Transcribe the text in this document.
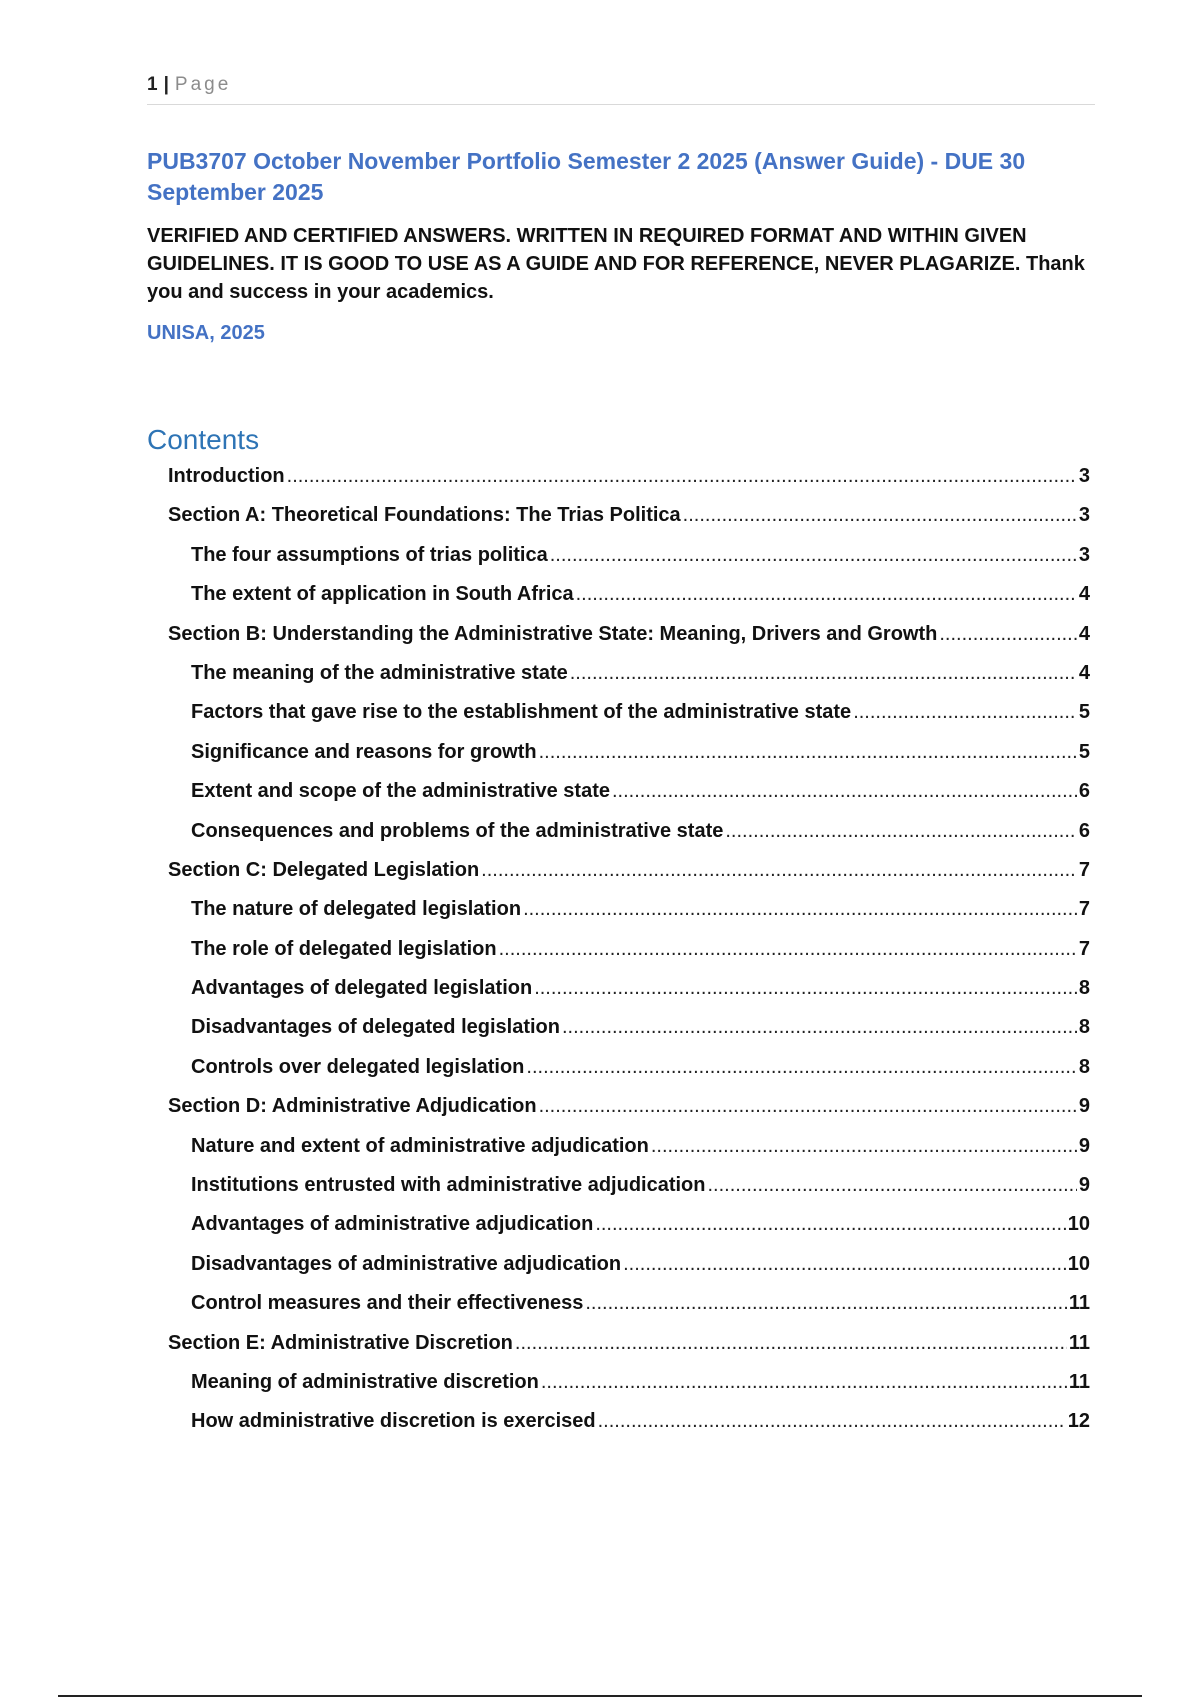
1 | Page
PUB3707 October November Portfolio Semester 2 2025 (Answer Guide) - DUE 30 September 2025

VERIFIED AND CERTIFIED ANSWERS. WRITTEN IN REQUIRED FORMAT AND WITHIN GIVEN GUIDELINES. IT IS GOOD TO USE AS A GUIDE AND FOR REFERENCE, NEVER PLAGARIZE. Thank you and success in your academics.

UNISA, 2025

Contents
Introduction .....	3
Section A: Theoretical Foundations: The Trias Politica .....	3
The four assumptions of trias politica .....	3
The extent of application in South Africa .....	4
Section B: Understanding the Administrative State: Meaning, Drivers and Growth .....	4
The meaning of the administrative state .....	4
Factors that gave rise to the establishment of the administrative state .....	5
Significance and reasons for growth .....	5
Extent and scope of the administrative state .....	6
Consequences and problems of the administrative state .....	6
Section C: Delegated Legislation .....	7
The nature of delegated legislation .....	7
The role of delegated legislation .....	7
Advantages of delegated legislation .....	8
Disadvantages of delegated legislation .....	8
Controls over delegated legislation .....	8
Section D: Administrative Adjudication .....	9
Nature and extent of administrative adjudication .....	9
Institutions entrusted with administrative adjudication .....	9
Advantages of administrative adjudication .....	10
Disadvantages of administrative adjudication .....	10
Control measures and their effectiveness .....	11
Section E: Administrative Discretion .....	11
Meaning of administrative discretion .....	11
How administrative discretion is exercised .....	12
